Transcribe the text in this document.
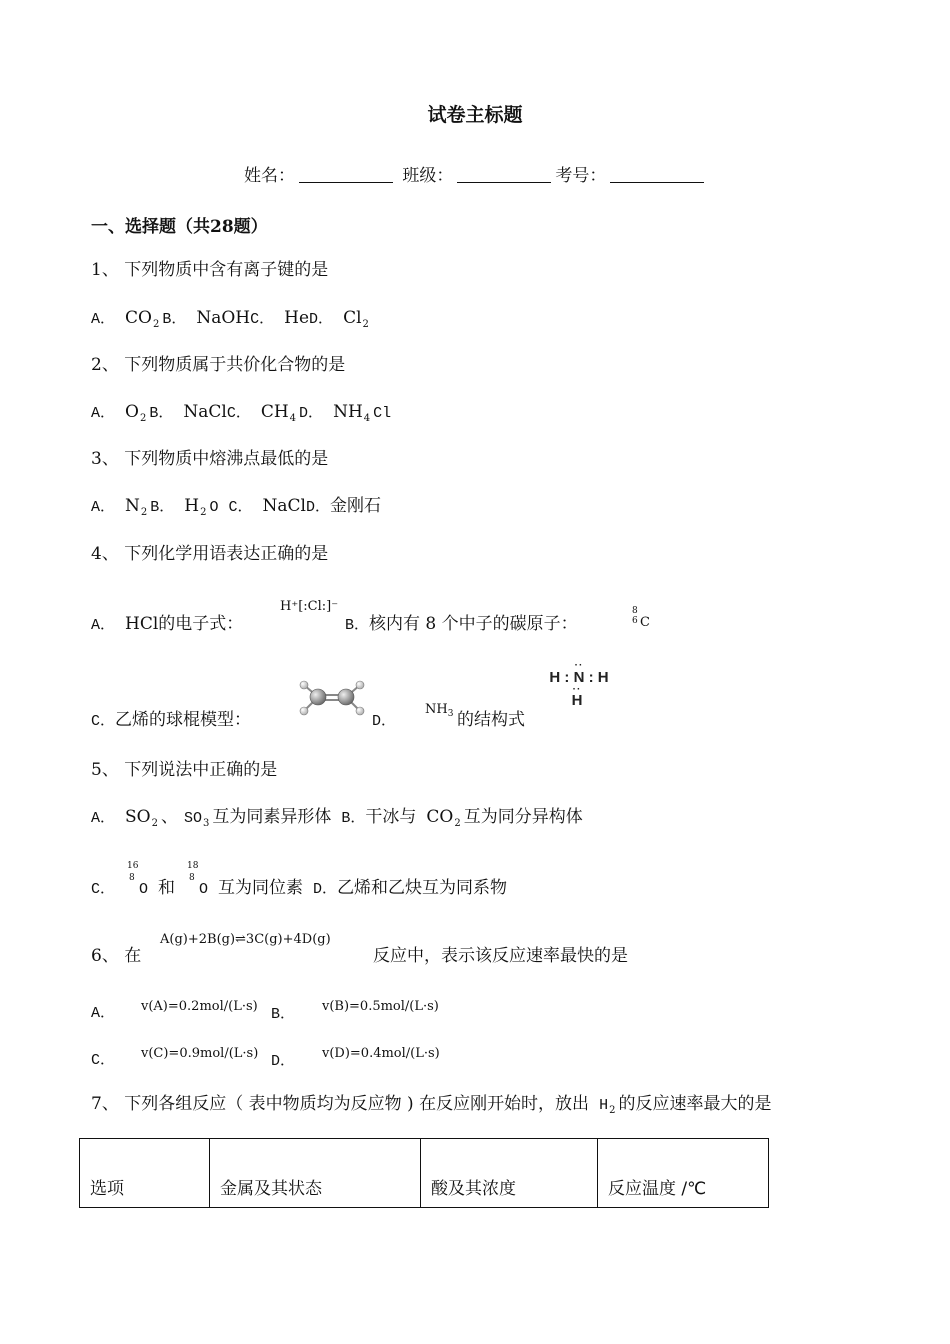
试卷主标题
姓名：	班级：	考号：
一、选择题（共28题）
1、 下列物质中含有离子键的是
A． $CO_2$ B． NaOHC． HeD． $Cl_2$
2、 下列物质属于共价化合物的是
A． $O_2$ B． NaClC． $CH_4$ D． $NH_4$ Cl
3、 下列物质中熔沸点最低的是
A． $N_2$ B． $H_2$ O C． NaClD．金刚石
4、 下列化学用语表达正确的是
A． HCl的电子式：
H⁺[:Cl:]⁻
B．核内有 8 个中子的碳原子：
8
6 C
C．乙烯的球棍模型：	D．
$NH_3$ 的结构式
··
H : N : H
··
H
5、 下列说法中正确的是
A． $SO_2$ 、 $SO_3$ 互为同素异形体 B．干冰与 $CO_2$ 互为同分异构体
C．
16
8
O 和
18
8
O 互为同位素 D．乙烯和乙炔互为同系物
6、 在
A(g)+2B(g)⇌3C(g)+4D(g)
反应中，表示该反应速率最快的是
A． v(A)=0.2mol/(L·s) B． v(B)=0.5mol/(L·s)
C． v(C)=0.9mol/(L·s) D． v(D)=0.4mol/(L·s)
7、 下列各组反应（ 表中物质均为反应物 ) 在反应刚开始时，放出 $H_2$ 的反应速率最大的是
选项	金属及其状态	酸及其浓度	反应温度 /℃
